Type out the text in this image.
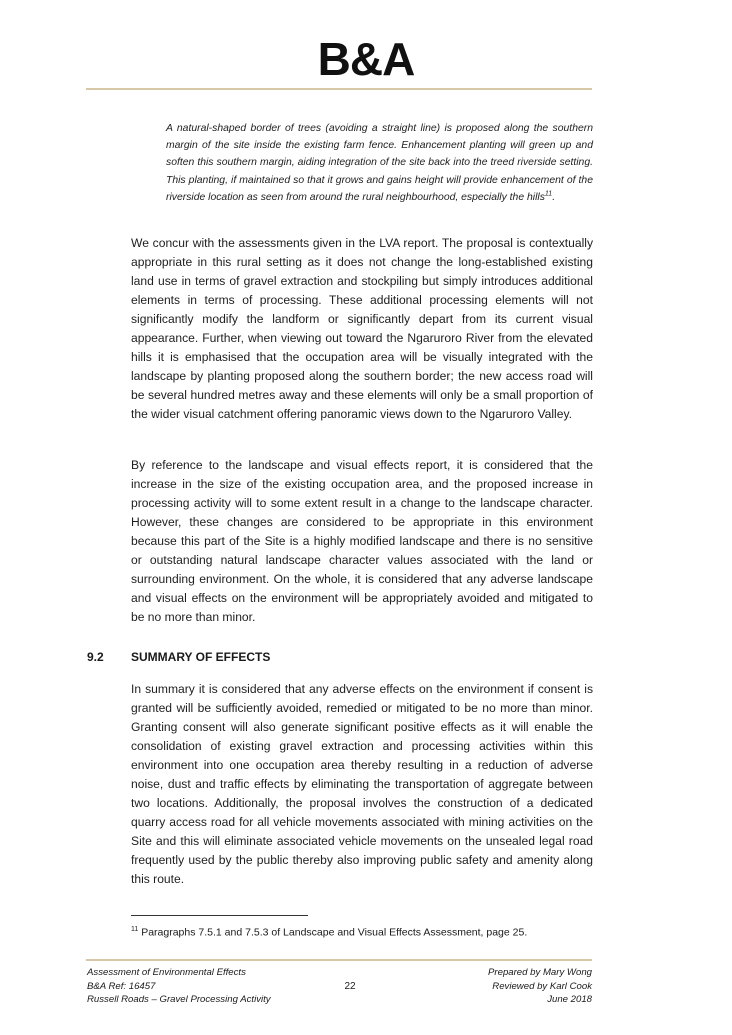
B&A
A natural-shaped border of trees (avoiding a straight line) is proposed along the southern margin of the site inside the existing farm fence. Enhancement planting will green up and soften this southern margin, aiding integration of the site back into the treed riverside setting. This planting, if maintained so that it grows and gains height will provide enhancement of the riverside location as seen from around the rural neighbourhood, especially the hills$^{11}$.
We concur with the assessments given in the LVA report. The proposal is contextually appropriate in this rural setting as it does not change the long-established existing land use in terms of gravel extraction and stockpiling but simply introduces additional elements in terms of processing. These additional processing elements will not significantly modify the landform or significantly depart from its current visual appearance. Further, when viewing out toward the Ngaruroro River from the elevated hills it is emphasised that the occupation area will be visually integrated with the landscape by planting proposed along the southern border; the new access road will be several hundred metres away and these elements will only be a small proportion of the wider visual catchment offering panoramic views down to the Ngaruroro Valley.
By reference to the landscape and visual effects report, it is considered that the increase in the size of the existing occupation area, and the proposed increase in processing activity will to some extent result in a change to the landscape character. However, these changes are considered to be appropriate in this environment because this part of the Site is a highly modified landscape and there is no sensitive or outstanding natural landscape character values associated with the land or surrounding environment. On the whole, it is considered that any adverse landscape and visual effects on the environment will be appropriately avoided and mitigated to be no more than minor.
9.2 SUMMARY OF EFFECTS
In summary it is considered that any adverse effects on the environment if consent is granted will be sufficiently avoided, remedied or mitigated to be no more than minor. Granting consent will also generate significant positive effects as it will enable the consolidation of existing gravel extraction and processing activities within this environment into one occupation area thereby resulting in a reduction of adverse noise, dust and traffic effects by eliminating the transportation of aggregate between two locations. Additionally, the proposal involves the construction of a dedicated quarry access road for all vehicle movements associated with mining activities on the Site and this will eliminate associated vehicle movements on the unsealed legal road frequently used by the public thereby also improving public safety and amenity along this route.
$^{11}$ Paragraphs 7.5.1 and 7.5.3 of Landscape and Visual Effects Assessment, page 25.
Assessment of Environmental Effects
B&A Ref: 16457
Russell Roads – Gravel Processing Activity
22
Prepared by Mary Wong
Reviewed by Karl Cook
June 2018
